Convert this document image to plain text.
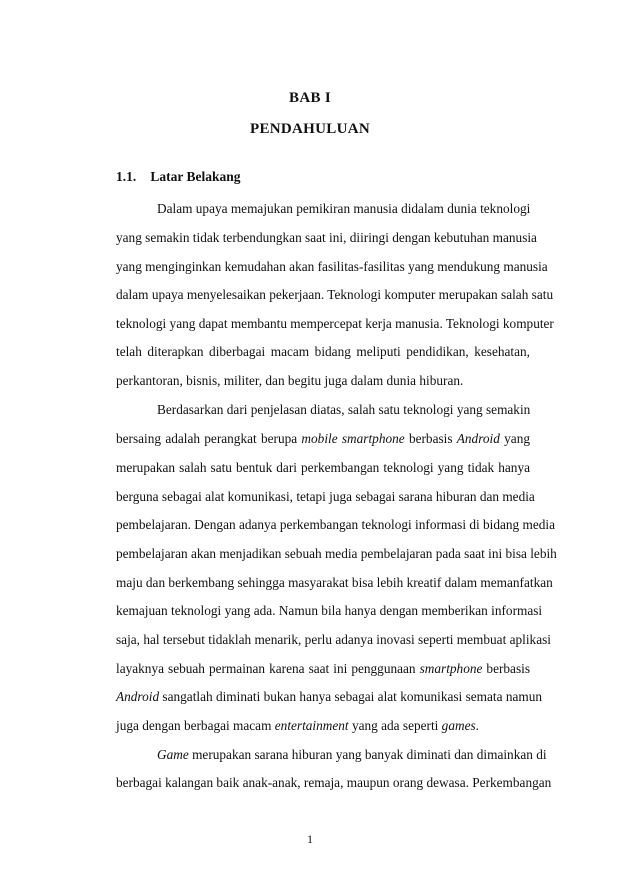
BAB I
PENDAHULUAN
1.1. Latar Belakang
Dalam upaya memajukan pemikiran manusia didalam dunia teknologi
yang semakin tidak terbendungkan saat ini, diiringi dengan kebutuhan manusia
yang menginginkan kemudahan akan fasilitas-fasilitas yang mendukung manusia
dalam upaya menyelesaikan pekerjaan. Teknologi komputer merupakan salah satu
teknologi yang dapat membantu mempercepat kerja manusia. Teknologi komputer
telah diterapkan diberbagai macam bidang meliputi pendidikan, kesehatan,
perkantoran, bisnis, militer, dan begitu juga dalam dunia hiburan.
Berdasarkan dari penjelasan diatas, salah satu teknologi yang semakin
bersaing adalah perangkat berupa mobile smartphone berbasis Android yang
merupakan salah satu bentuk dari perkembangan teknologi yang tidak hanya
berguna sebagai alat komunikasi, tetapi juga sebagai sarana hiburan dan media
pembelajaran. Dengan adanya perkembangan teknologi informasi di bidang media
pembelajaran akan menjadikan sebuah media pembelajaran pada saat ini bisa lebih
maju dan berkembang sehingga masyarakat bisa lebih kreatif dalam memanfatkan
kemajuan teknologi yang ada. Namun bila hanya dengan memberikan informasi
saja, hal tersebut tidaklah menarik, perlu adanya inovasi seperti membuat aplikasi
layaknya sebuah permainan karena saat ini penggunaan smartphone berbasis
Android sangatlah diminati bukan hanya sebagai alat komunikasi semata namun
juga dengan berbagai macam entertainment yang ada seperti games.
Game merupakan sarana hiburan yang banyak diminati dan dimainkan di
berbagai kalangan baik anak-anak, remaja, maupun orang dewasa. Perkembangan
1
